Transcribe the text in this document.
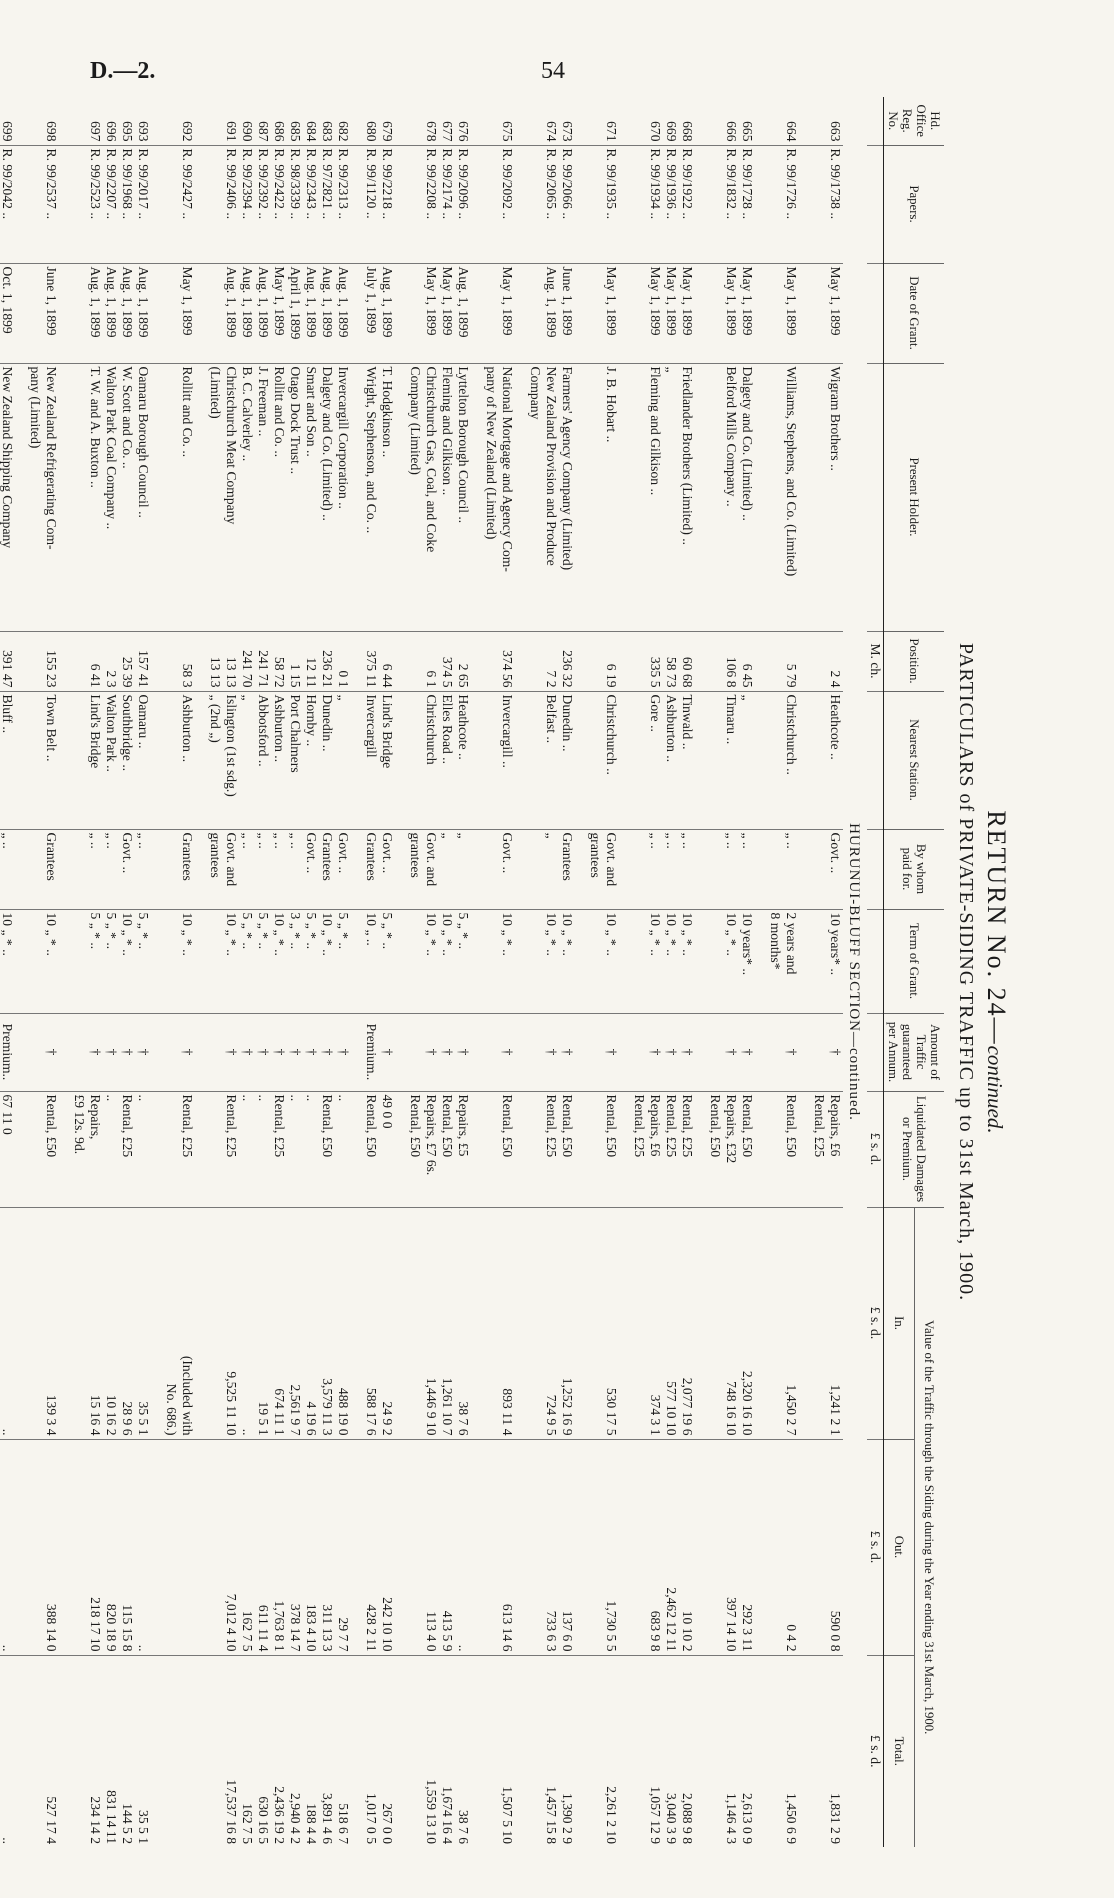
D.—2.	54
RETURN No. 24—continued.
PARTICULARS of PRIVATE-SIDING TRAFFIC up to 31st March, 1900.
Hd. Office Reg. No.	Papers.	Date of Grant.	Present Holder.	Position.	Nearest Station.	By whom paid for.	Term of Grant.	Amount of Traffic guaranteed per Annum.	Liquidated Damages or Premium.	Value of the Traffic through the Siding during the Year ending 31st March, 1900.		
										In.	Out.	Total.
				M. ch.					£ s. d.	£ s. d.	£ s. d.	£ s. d.
HURUNUI-BLUFF SECTION—continued.												
663	R. 99/1738 ..	May 1, 1899	Wigram Brothers ..	2 4	Heathcote ..	Govt. ..	10 years* ..	†	Repairs, £6	1,241 2 1	590 0 8	1,831 2 9
									Rental, £25			

664	R. 99/1726 ..	May 1, 1899	Williams, Stephens, and Co. (Limited)	5 79	Christchurch ..	„ ..	2 years and	†	Rental, £50	1,450 2 7	0 4 2	1,450 6 9
							8 months*					

665	R. 99/1728 ..	May 1, 1899	Dalgety and Co. (Limited) ..	6 45	„	„ ..	10 years* ..	†	Rental, £50	2,320 16 10	292 3 11	2,613 0 9
666	R. 99/1832 ..	May 1, 1899	Belford Mills Company ..	106 8	Timaru ..	„ ..	10 „ * ..	†	Repairs, £32	748 16 10	397 14 10	1,146 4 3
									Rental, £50			

668	R. 99/1922 ..	May 1, 1899	Friedlander Brothers (Limited) ..	60 68	Tinwald ..	„ ..	10 „ * ..	†	Rental, £25	2,077 19 6	10 10 2	2,088 9 8
669	R. 99/1936 ..	May 1, 1899	„	58 73	Ashburton ..	„ ..	10 „ * ..	†	Rental, £25	577 10 10	2,462 12 11	3,040 3 9
670	R. 99/1934 ..	May 1, 1899	Fleming and Gilkison ..	335 5	Gore ..	„ ..	10 „ * ..	†	Repairs, £6	374 3 1	683 9 8	1,057 12 9
									Rental, £25			

671	R. 99/1935 ..	May 1, 1899	J. B. Hobart ..	6 19	Christchurch ..	Govt. and	10 „ * ..	†	Rental, £50	530 17 5	1,730 5 5	2,261 2 10
						grantees						

673	R. 99/2066 ..	June 1, 1899	Farmers' Agency Company (Limited)	236 32	Dunedin ..	Grantees	10 „ * ..	†	Rental, £50	1,252 16 9	137 6 0	1,390 2 9
674	R. 99/2065 ..	Aug. 1, 1899	New Zealand Provision and Produce	7 2	Belfast ..	„	10 „ * ..	†	Rental, £25	724 9 5	733 6 3	1,457 15 8
			Company									

675	R. 99/2092 ..	May 1, 1899	National Mortgage and Agency Com-	374 56	Invercargill ..	Govt. ..	10 „ * ..	†	Rental, £50	893 11 4	613 14 6	1,507 5 10
			pany of New Zealand (Limited)									

676	R. 99/2096 ..	Aug. 1, 1899	Lyttelton Borough Council ..	2 65	Heathcote ..	„	5 „ * ..	†	Repairs, £5	38 7 6	..	38 7 6
677	R. 99/2174 ..	May 1, 1899	Fleming and Gilkison ..	374 5	Elles Road ..	„	10 „ * ..	†	Rental, £50	1,261 10 7	413 5 9	1,674 16 4
678	R. 99/2208 ..	May 1, 1899	Christchurch Gas, Coal, and Coke	6 1	Christchurch	Govt. and	10 „ * ..	†	Repairs, £7 6s.	1,446 9 10	113 4 0	1,559 13 10
			Company (Limited)			grantees			Rental, £50			

679	R. 99/2218 ..	Aug. 1, 1899	T. Hodgkinson ..	6 44	Lind's Bridge	Govt. ..	5 „ * ..	†	49 0 0	24 9 2	242 10 10	267 0 0
680	R. 99/1120 ..	July 1, 1899	Wright, Stephenson, and Co. ..	375 11	Invercargill	Grantees	10 „ ..	Premium..	Rental, £50	588 17 6	428 2 11	1,017 0 5

682	R. 99/2313 ..	Aug. 1, 1899	Invercargill Corporation ..	0 1	„	Govt. ..	5 „ * ..	†	..	488 19 0	29 7 7	518 6 7
683	R. 97/2821 ..	Aug. 1, 1899	Dalgety and Co. (Limited) ..	236 21	Dunedin ..	Grantees	10 „ * ..	†	Rental, £50	3,579 11 3	311 13 3	3,891 4 6
684	R. 99/2343 ..	Aug. 1, 1899	Smart and Son ..	12 11	Hornby ..	Govt. ..	5 „ * ..	†	..	4 19 6	183 4 10	188 4 4
685	R. 98/3339 ..	April 1, 1899	Otago Dock Trust ..	1 15	Port Chalmers	„ ..	3 „ * ..	†	..	2,561 9 7	378 14 7	2,940 4 2
686	R. 99/2422 ..	May 1, 1899	Rollitt and Co. ..	58 72	Ashburton ..	„ ..	10 „ * ..	†	Rental, £25	674 11 1	1,763 8 1	2,436 19 2
687	R. 99/2392 ..	Aug. 1, 1899	J. Freeman ..	241 71	Abbotsford ..	„ ..	5 „ * ..	†	..	19 5 1	611 11 4	630 16 5
690	R. 99/2394 ..	Aug. 1, 1899	B. C. Calverley ..	241 70	„	„ ..	5 „ * ..	†	..	..	162 7 5	162 7 5
691	R. 99/2406 ..	Aug. 1, 1899	Christchurch Meat Company	13 13	Islington (1st sdg.)	Govt. and	10 „ * ..	†	Rental, £25	9,525 11 10	7,012 4 10	17,537 16 8
			(Limited)	13 13	„ (2nd „)	grantees						

692	R. 99/2427 ..	May 1, 1899	Rollitt and Co. ..	58 3	Ashburton ..	Grantees	10 „ * ..	†	Rental, £25	(Included with		
										No. 686.)		

693	R. 99/2017 ..	Aug. 1, 1899	Oamaru Borough Council ..	157 41	Oamaru ..	„ ..	5 „ * ..	†	..	35 5 1	..	35 5 1
695	R. 99/1968 ..	Aug. 1, 1899	W. Scott and Co. ..	25 39	Southbridge ..	Govt. ..	10 „ * ..	†	Rental, £25	28 9 6	115 15 8	144 5 2
696	R. 99/2207 ..	Aug. 1, 1899	Walton Park Coal Company ..	2 3	Walton Park ..	„ ..	5 „ * ..	†	..	10 16 2	820 18 9	831 14 11
697	R. 99/2523 ..	Aug. 1, 1899	T. W. and A. Buxton ..	6 41	Lind's Bridge	„ ..	5 „ * ..	†	Repairs,	15 16 4	218 17 10	234 14 2
									£9 12s. 9d.			

698	R. 99/2537 ..	June 1, 1899	New Zealand Refrigerating Com-	155 23	Town Belt ..	Grantees	10 „ * ..	†	Rental, £50	139 3 4	388 14 0	527 17 4
			pany (Limited)									

699	R. 99/2042 ..	Oct. 1, 1899	New Zealand Shipping Company	391 47	Bluff ..	„ ..	10 „ * ..	Premium..	67 11 0	..	..	..
